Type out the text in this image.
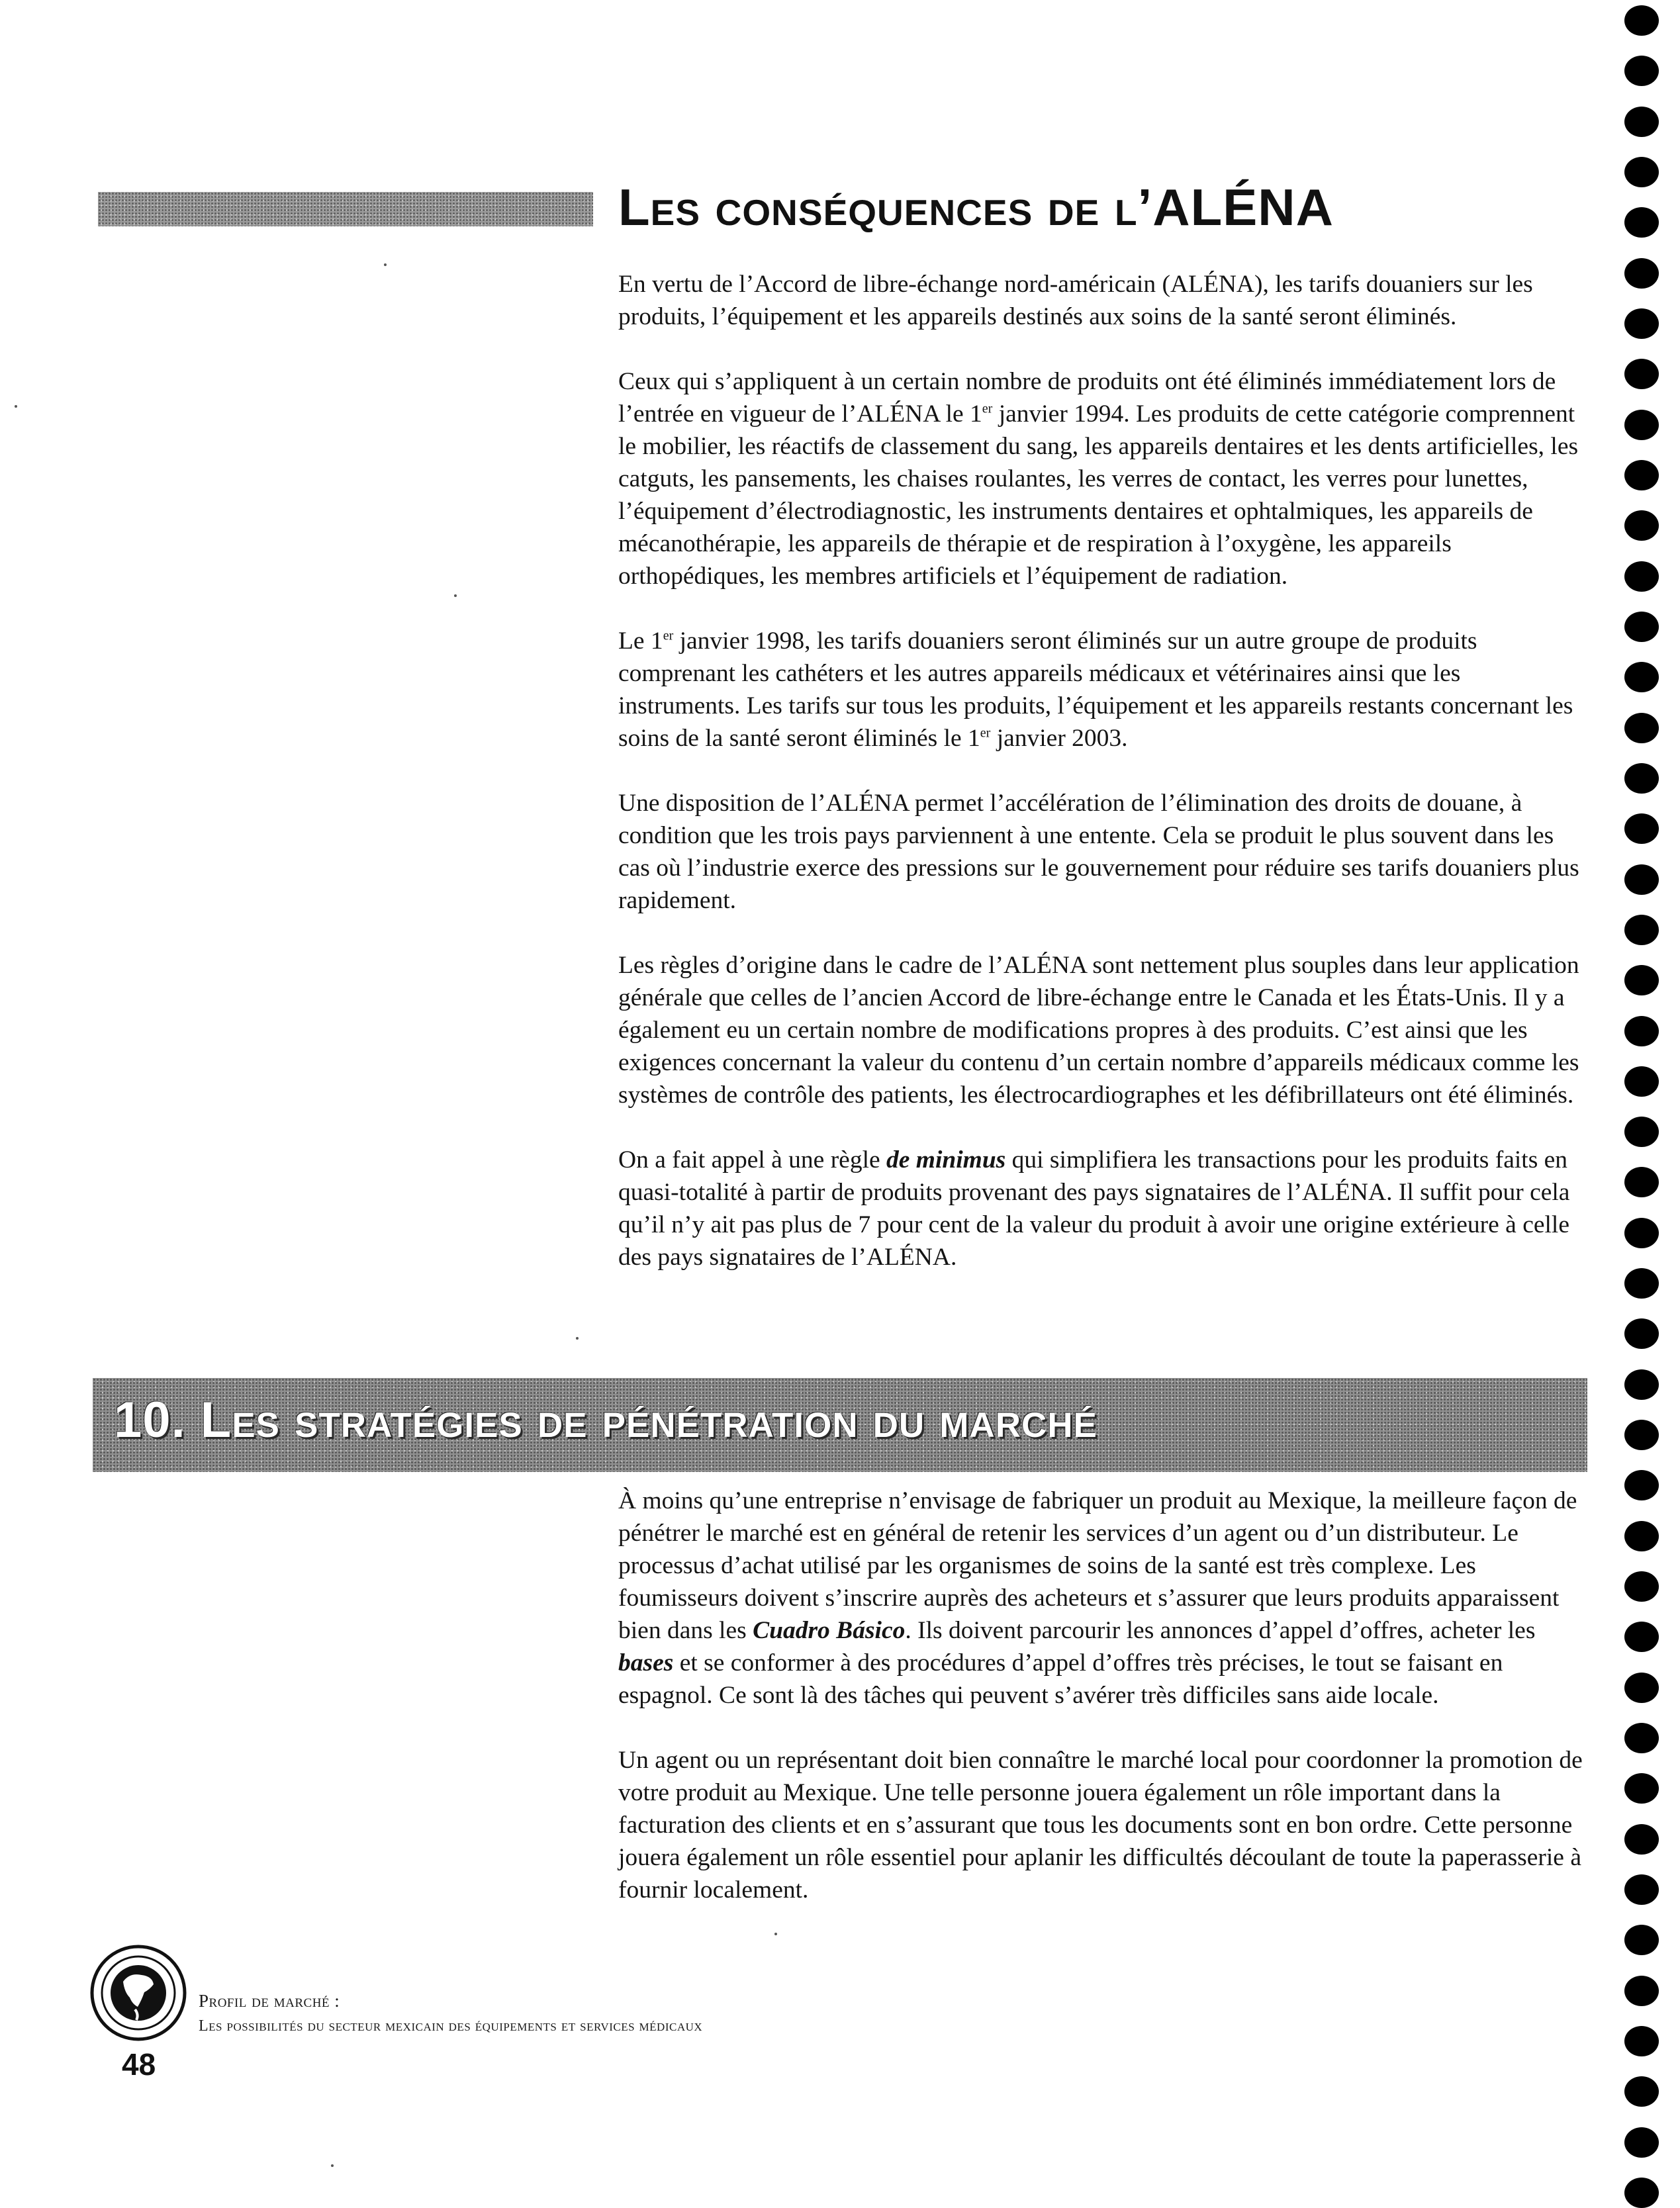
Les conséquences de l’ALÉNA

En vertu de l’Accord de libre-échange nord-américain (ALÉNA), les tarifs douaniers sur les produits, l’équipement et les appareils destinés aux soins de la santé seront éliminés.

Ceux qui s’appliquent à un certain nombre de produits ont été éliminés immédiatement lors de l’entrée en vigueur de l’ALÉNA le 1er janvier 1994. Les produits de cette catégorie comprennent le mobilier, les réactifs de classement du sang, les appareils dentaires et les dents artificielles, les catguts, les pansements, les chaises roulantes, les verres de contact, les verres pour lunettes, l’équipement d’électrodiagnostic, les instruments dentaires et ophtalmiques, les appareils de mécanothérapie, les appareils de thérapie et de respiration à l’oxygène, les appareils orthopédiques, les membres artificiels et l’équipement de radiation.

Le 1er janvier 1998, les tarifs douaniers seront éliminés sur un autre groupe de produits comprenant les cathéters et les autres appareils médicaux et vétérinaires ainsi que les instruments. Les tarifs sur tous les produits, l’équipement et les appareils restants concernant les soins de la santé seront éliminés le 1er janvier 2003.

Une disposition de l’ALÉNA permet l’accélération de l’élimination des droits de douane, à condition que les trois pays parviennent à une entente. Cela se produit le plus souvent dans les cas où l’industrie exerce des pressions sur le gouvernement pour réduire ses tarifs douaniers plus rapidement.

Les règles d’origine dans le cadre de l’ALÉNA sont nettement plus souples dans leur application générale que celles de l’ancien Accord de libre-échange entre le Canada et les États-Unis. Il y a également eu un certain nombre de modifications propres à des produits. C’est ainsi que les exigences concernant la valeur du contenu d’un certain nombre d’appareils médicaux comme les systèmes de contrôle des patients, les électrocardiographes et les défibrillateurs ont été éliminés.

On a fait appel à une règle de minimus qui simplifiera les transactions pour les produits faits en quasi-totalité à partir de produits provenant des pays signataires de l’ALÉNA. Il suffit pour cela qu’il n’y ait pas plus de 7 pour cent de la valeur du produit à avoir une origine extérieure à celle des pays signataires de l’ALÉNA.

10. Les stratégies de pénétration du marché

À moins qu’une entreprise n’envisage de fabriquer un produit au Mexique, la meilleure façon de pénétrer le marché est en général de retenir les services d’un agent ou d’un distributeur. Le processus d’achat utilisé par les organismes de soins de la santé est très complexe. Les foumisseurs doivent s’inscrire auprès des acheteurs et s’assurer que leurs produits apparaissent bien dans les Cuadro Básico. Ils doivent parcourir les annonces d’appel d’offres, acheter les bases et se conformer à des procédures d’appel d’offres très précises, le tout se faisant en espagnol. Ce sont là des tâches qui peuvent s’avérer très difficiles sans aide locale.

Un agent ou un représentant doit bien connaître le marché local pour coordonner la promotion de votre produit au Mexique. Une telle personne jouera également un rôle important dans la facturation des clients et en s’assurant que tous les documents sont en bon ordre. Cette personne jouera également un rôle essentiel pour aplanir les difficultés découlant de toute la paperasserie à fournir localement.

Profil de marché :
Les possibilités du secteur mexicain des équipements et services médicaux
48
